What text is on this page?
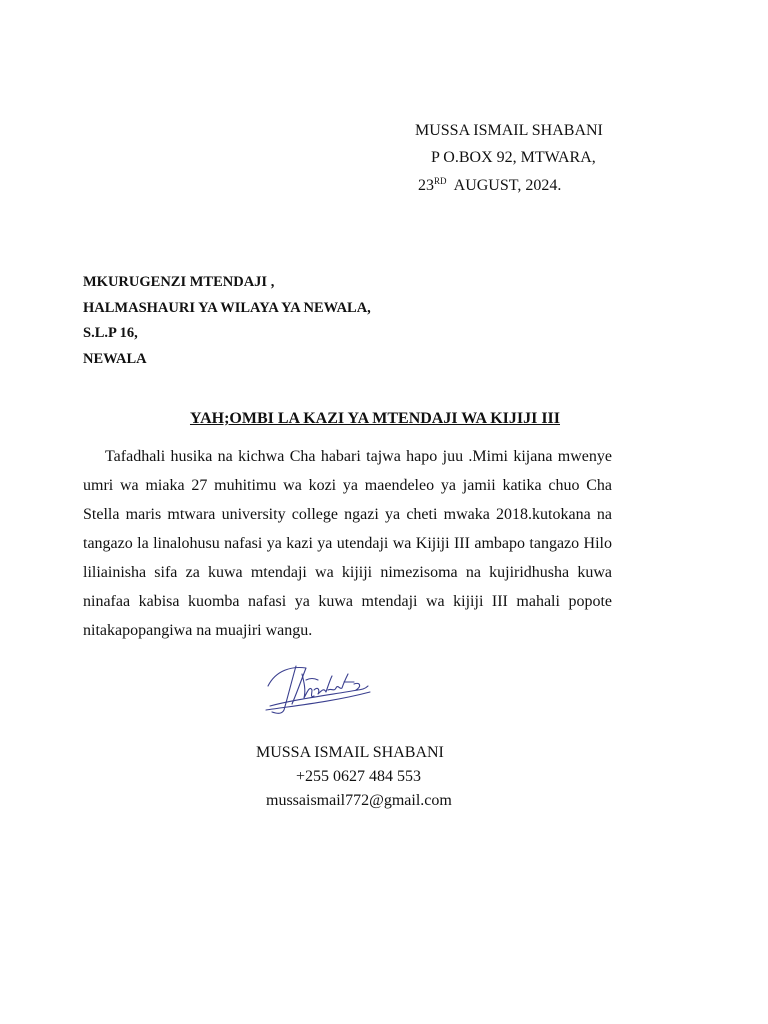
MUSSA ISMAIL SHABANI
P O.BOX 92, MTWARA,
23RD AUGUST, 2024.
MKURUGENZI MTENDAJI ,
HALMASHAURI YA WILAYA YA NEWALA,
S.L.P 16,
NEWALA
YAH;OMBI LA KAZI YA MTENDAJI WA KIJIJI III

Tafadhali husika na kichwa Cha habari tajwa hapo juu .Mimi kijana mwenye umri wa miaka 27 muhitimu wa kozi ya maendeleo ya jamii katika chuo Cha Stella maris mtwara university college ngazi ya cheti mwaka 2018.kutokana na tangazo la linalohusu nafasi ya kazi ya utendaji wa Kijiji III ambapo tangazo Hilo liliainisha sifa za kuwa mtendaji wa kijiji nimezisoma na kujiridhusha kuwa ninafaa kabisa kuomba nafasi ya kuwa mtendaji wa kijiji III mahali popote nitakapopangiwa na muajiri wangu.

MUSSA ISMAIL SHABANI
+255 0627 484 553
mussaismail772@gmail.com
